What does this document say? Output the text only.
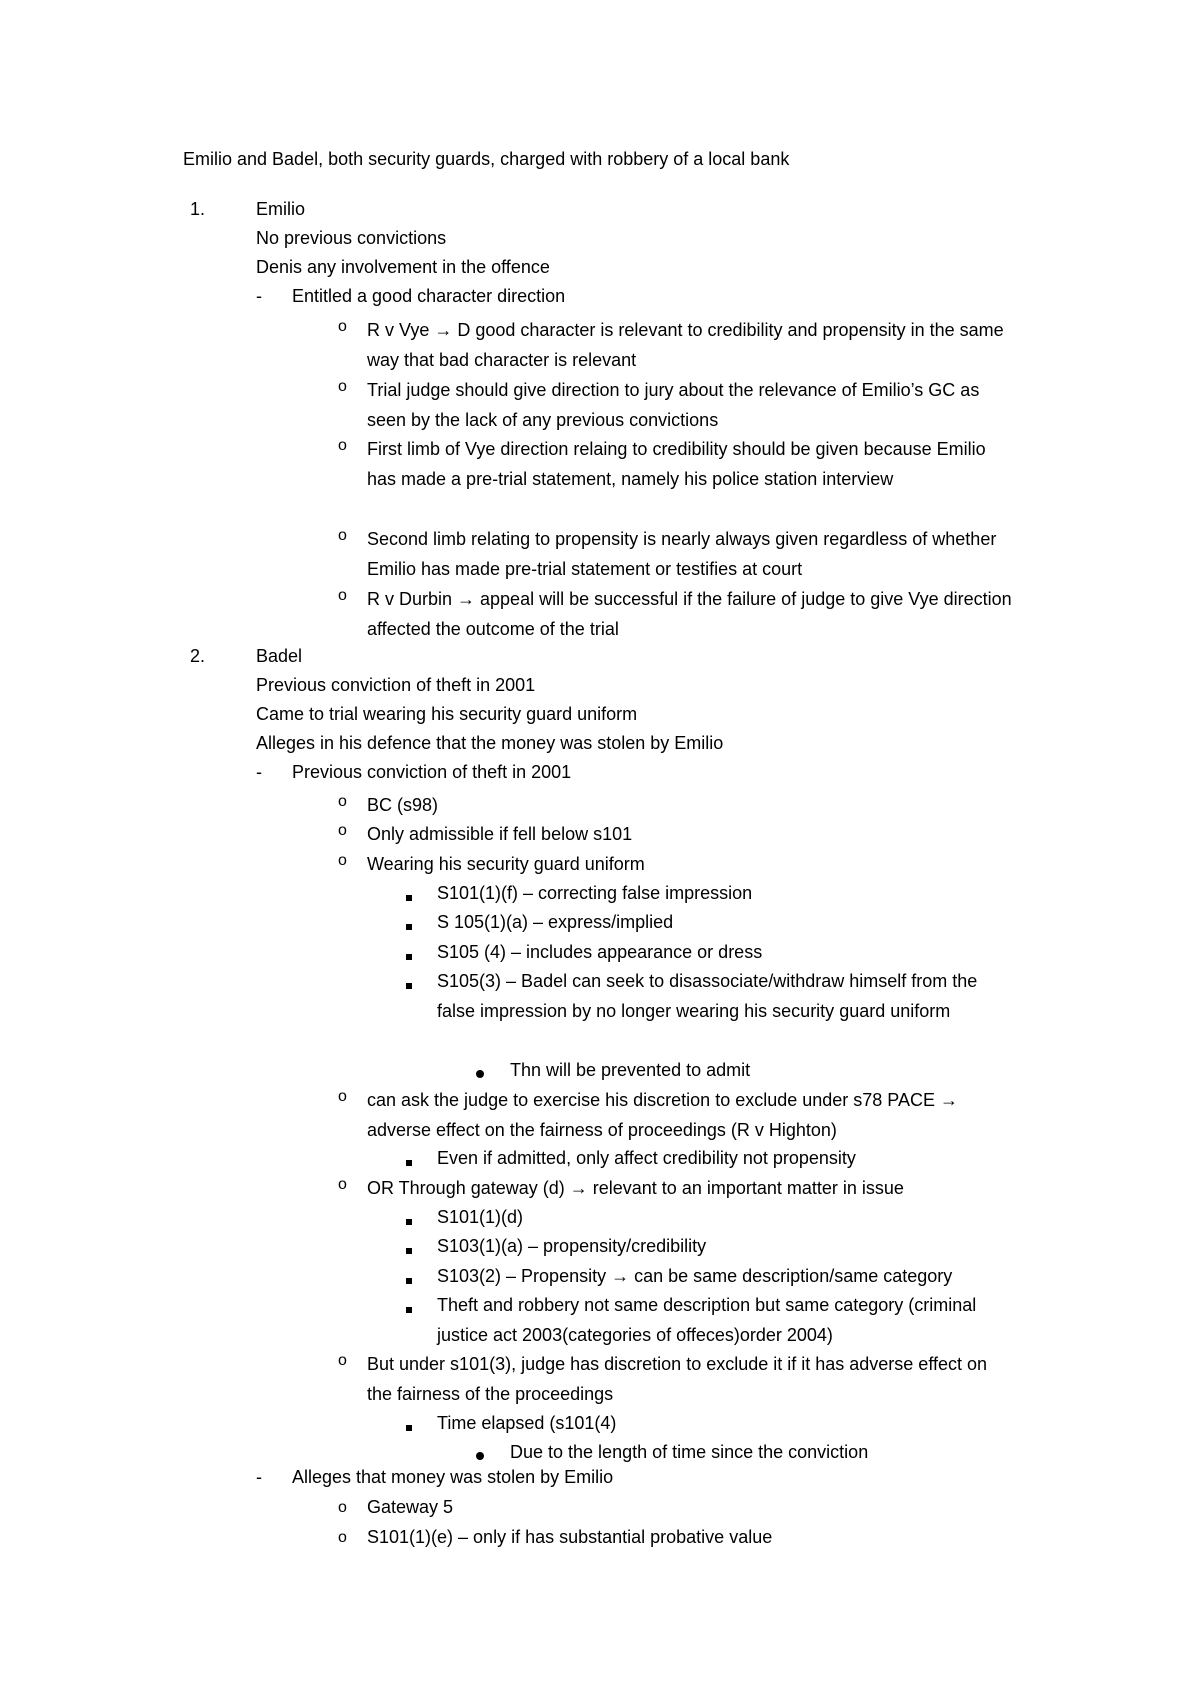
Emilio and Badel, both security guards, charged with robbery of a local bank
1.	Emilio
No previous convictions
Denis any involvement in the offence
- Entitled a good character direction
o R v Vye → D good character is relevant to credibility and propensity in the same way that bad character is relevant
o Trial judge should give direction to jury about the relevance of Emilio’s GC as seen by the lack of any previous convictions
o First limb of Vye direction relaing to credibility should be given because Emilio has made a pre-trial statement, namely his police station interview
o Second limb relating to propensity is nearly always given regardless of whether Emilio has made pre-trial statement or testifies at court
o R v Durbin → appeal will be successful if the failure of judge to give Vye direction affected the outcome of the trial
2.	Badel
Previous conviction of theft in 2001
Came to trial wearing his security guard uniform
Alleges in his defence that the money was stolen by Emilio
- Previous conviction of theft in 2001
o BC (s98)
o Only admissible if fell below s101
o Wearing his security guard uniform
S101(1)(f) – correcting false impression
S 105(1)(a) – express/implied
S105 (4) – includes appearance or dress
S105(3) – Badel can seek to disassociate/withdraw himself from the false impression by no longer wearing his security guard uniform
Thn will be prevented to admit
o can ask the judge to exercise his discretion to exclude under s78 PACE → adverse effect on the fairness of proceedings (R v Highton)
Even if admitted, only affect credibility not propensity
o OR Through gateway (d) → relevant to an important matter in issue
S101(1)(d)
S103(1)(a) – propensity/credibility
S103(2) – Propensity → can be same description/same category
Theft and robbery not same description but same category (criminal justice act 2003(categories of offeces)order 2004)
o But under s101(3), judge has discretion to exclude it if it has adverse effect on the fairness of the proceedings
Time elapsed (s101(4)
Due to the length of time since the conviction
- Alleges that money was stolen by Emilio
o Gateway 5
o S101(1)(e) – only if has substantial probative value
